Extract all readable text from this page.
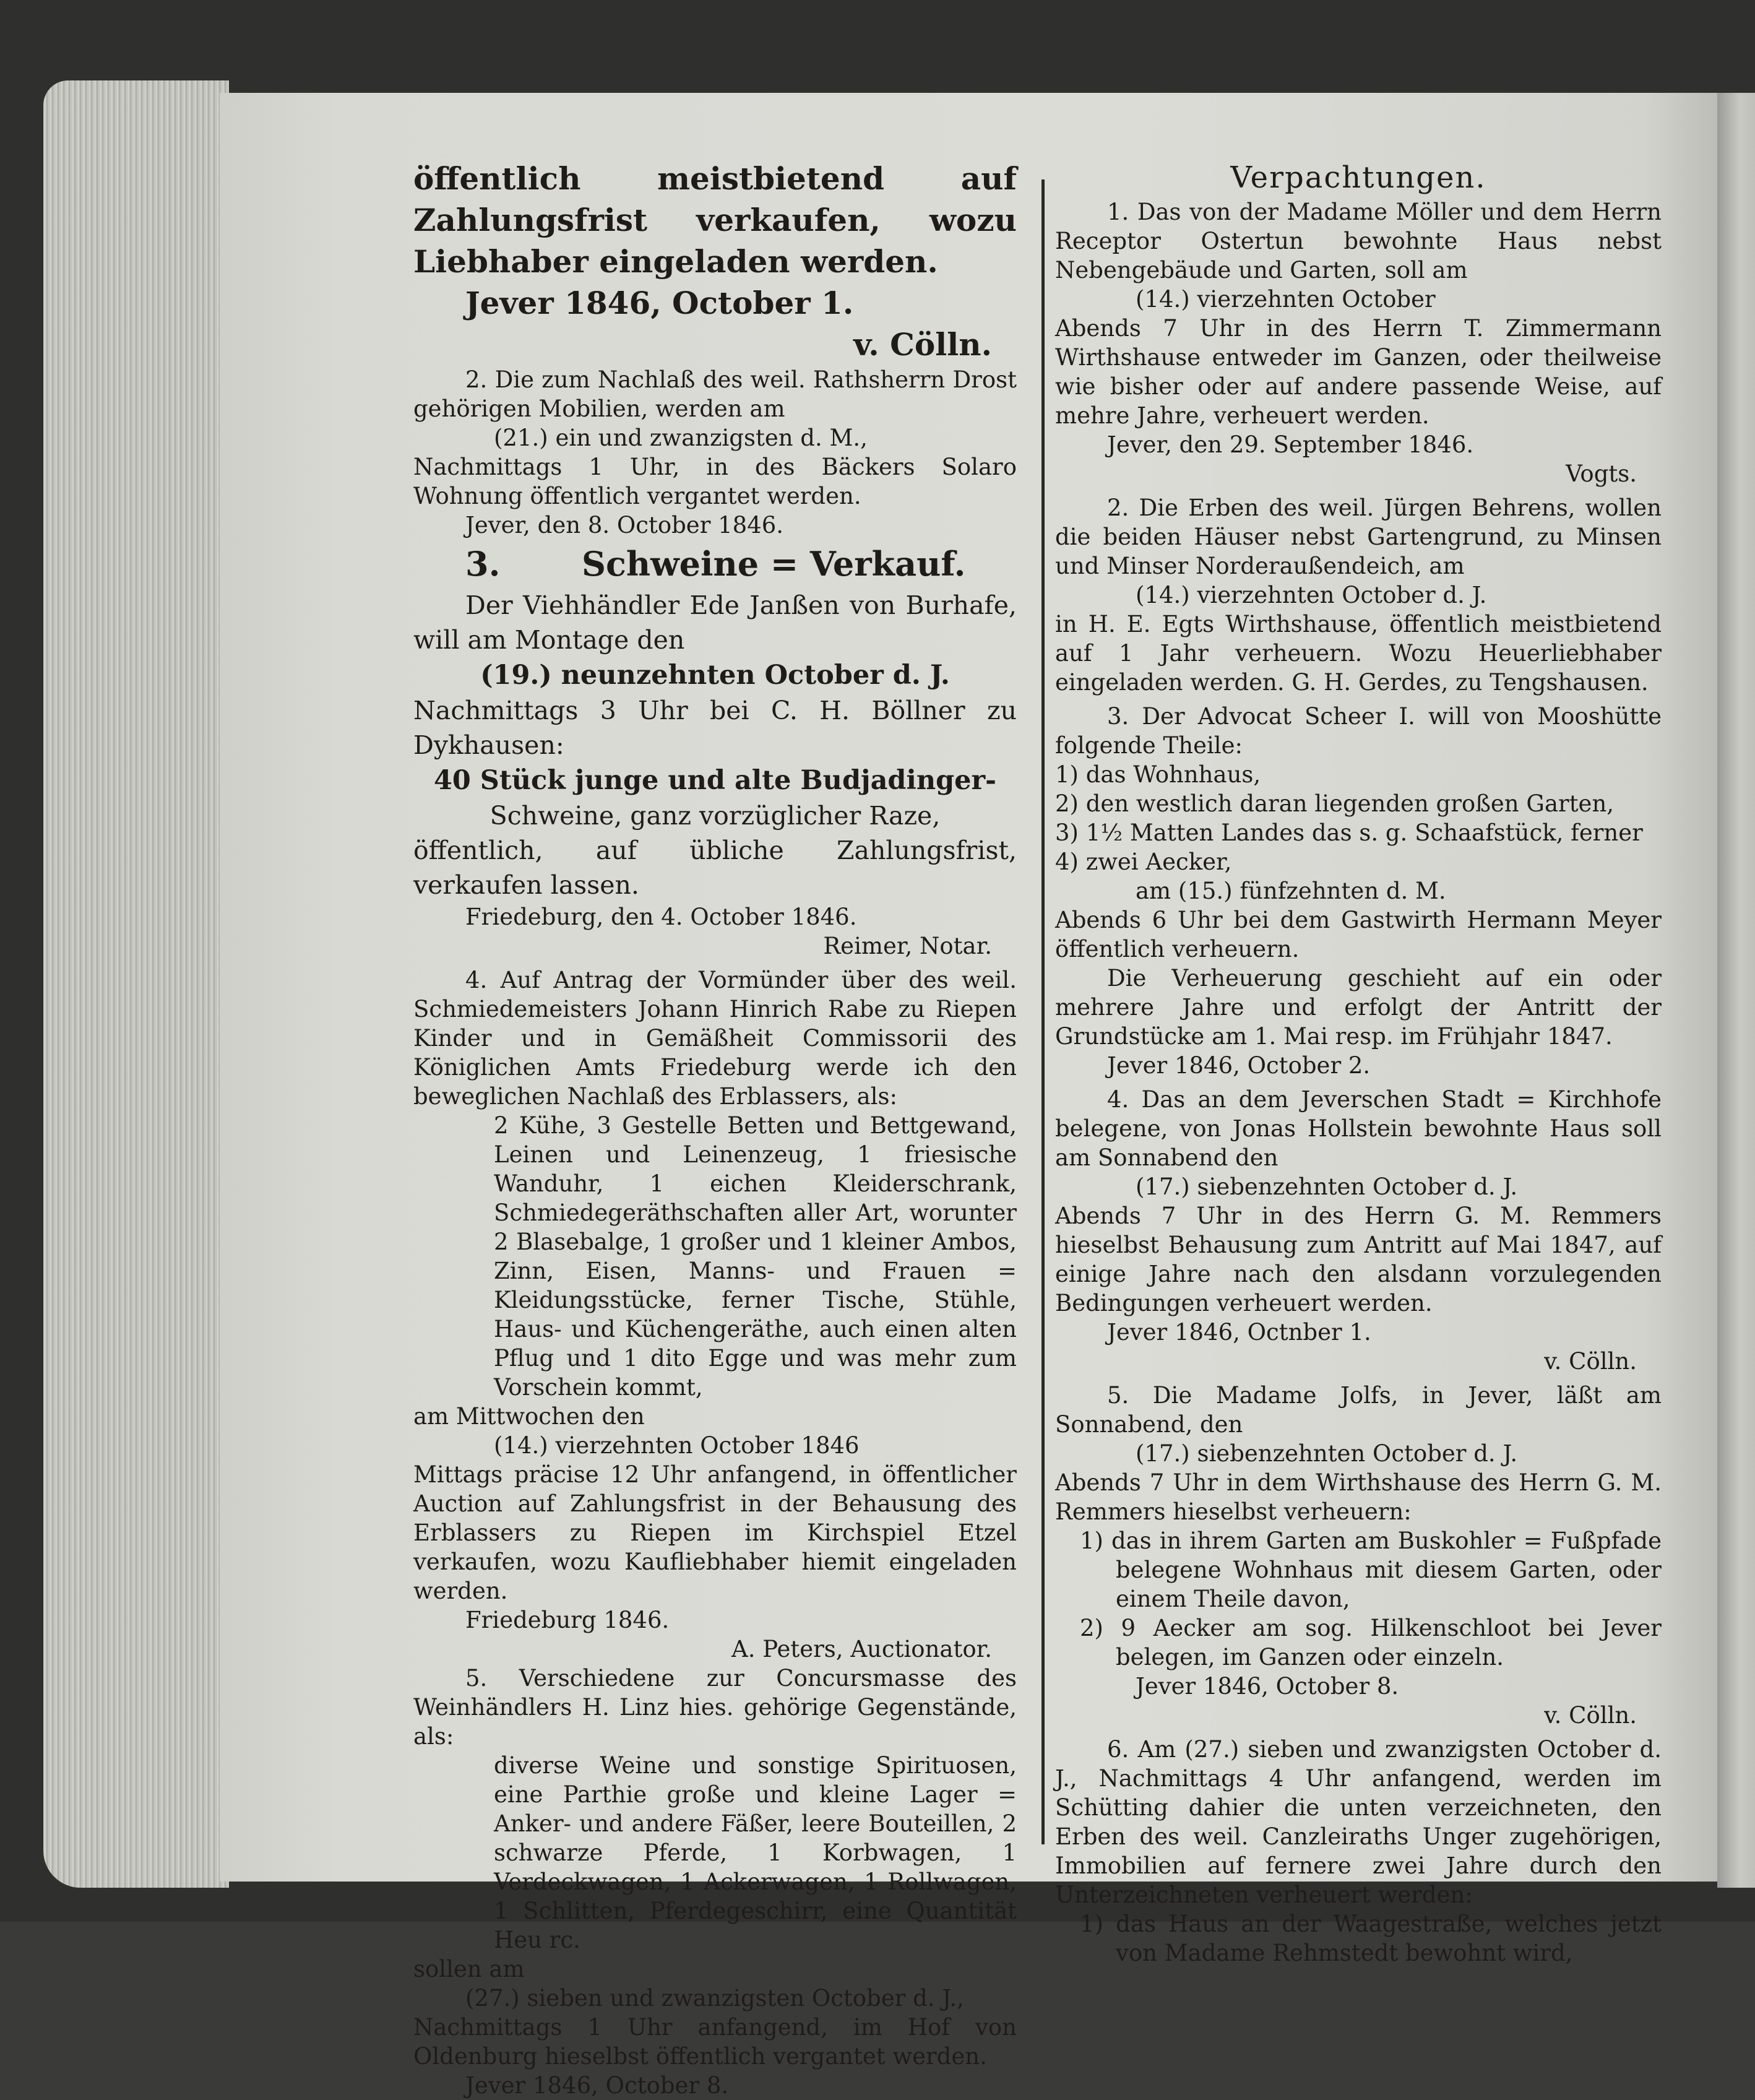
öffentlich meistbietend auf Zahlungsfrist verkaufen, wozu Liebhaber eingeladen werden.

Jever 1846, October 1.

v. Cölln.

2. Die zum Nachlaß des weil. Rathsherrn Drost gehörigen Mobilien, werden am

(21.) ein und zwanzigsten d. M.,

Nachmittags 1 Uhr, in des Bäckers Solaro Wohnung öffentlich vergantet werden.

Jever, den 8. October 1846.

3.       Schweine = Verkauf.

Der Viehhändler Ede Janßen von Burhafe, will am Montage den

(19.) neunzehnten October d. J.

Nachmittags 3 Uhr bei C. H. Böllner zu Dykhausen:

40 Stück junge und alte Budjadinger-

Schweine, ganz vorzüglicher Raze,

öffentlich, auf übliche Zahlungsfrist, verkaufen lassen.

Friedeburg, den 4. October 1846.

Reimer, Notar.

4. Auf Antrag der Vormünder über des weil. Schmiedemeisters Johann Hinrich Rabe zu Riepen Kinder und in Gemäßheit Commissorii des Königlichen Amts Friedeburg werde ich den beweglichen Nachlaß des Erblassers, als:

2 Kühe, 3 Gestelle Betten und Bettgewand, Leinen und Leinenzeug, 1 friesische Wanduhr, 1 eichen Kleiderschrank, Schmiedegeräthschaften aller Art, worunter 2 Blasebalge, 1 großer und 1 kleiner Ambos, Zinn, Eisen, Manns- und Frauen = Kleidungsstücke, ferner Tische, Stühle, Haus- und Küchengeräthe, auch einen alten Pflug und 1 dito Egge und was mehr zum Vorschein kommt,

am Mittwochen den

(14.) vierzehnten October 1846

Mittags präcise 12 Uhr anfangend, in öffentlicher Auction auf Zahlungsfrist in der Behausung des Erblassers zu Riepen im Kirchspiel Etzel verkaufen, wozu Kaufliebhaber hiemit eingeladen werden.

Friedeburg 1846.

A. Peters, Auctionator.

5. Verschiedene zur Concursmasse des Weinhändlers H. Linz hies. gehörige Gegenstände, als:

diverse Weine und sonstige Spirituosen, eine Parthie große und kleine Lager = Anker- und andere Fäßer, leere Bouteillen, 2 schwarze Pferde, 1 Korbwagen, 1 Verdeckwagen, 1 Ackerwagen, 1 Rollwagen, 1 Schlitten, Pferdegeschirr, eine Quantität Heu rc.

sollen am

(27.) sieben und zwanzigsten October d. J.,

Nachmittags 1 Uhr anfangend, im Hof von Oldenburg hieselbst öffentlich vergantet werden.

Jever 1846, October 8.

Verpachtungen.

1. Das von der Madame Möller und dem Herrn Receptor Ostertun bewohnte Haus nebst Nebengebäude und Garten, soll am

(14.) vierzehnten October

Abends 7 Uhr in des Herrn T. Zimmermann Wirthshause entweder im Ganzen, oder theilweise wie bisher oder auf andere passende Weise, auf mehre Jahre, verheuert werden.

Jever, den 29. September 1846.

Vogts.

2. Die Erben des weil. Jürgen Behrens, wollen die beiden Häuser nebst Gartengrund, zu Minsen und Minser Norderaußendeich, am

(14.) vierzehnten October d. J.

in H. E. Egts Wirthshause, öffentlich meistbietend auf 1 Jahr verheuern. Wozu Heuerliebhaber eingeladen werden. G. H. Gerdes, zu Tengshausen.

3. Der Advocat Scheer I. will von Mooshütte folgende Theile:

1) das Wohnhaus,

2) den westlich daran liegenden großen Garten,

3) 1½ Matten Landes das s. g. Schaafstück, ferner

4) zwei Aecker,

am (15.) fünfzehnten d. M.

Abends 6 Uhr bei dem Gastwirth Hermann Meyer öffentlich verheuern.

Die Verheuerung geschieht auf ein oder mehrere Jahre und erfolgt der Antritt der Grundstücke am 1. Mai resp. im Frühjahr 1847.

Jever 1846, October 2.

4. Das an dem Jeverschen Stadt = Kirchhofe belegene, von Jonas Hollstein bewohnte Haus soll am Sonnabend den

(17.) siebenzehnten October d. J.

Abends 7 Uhr in des Herrn G. M. Remmers hieselbst Behausung zum Antritt auf Mai 1847, auf einige Jahre nach den alsdann vorzulegenden Bedingungen verheuert werden.

Jever 1846, Octnber 1.

v. Cölln.

5. Die Madame Jolfs, in Jever, läßt am Sonnabend, den

(17.) siebenzehnten October d. J.

Abends 7 Uhr in dem Wirthshause des Herrn G. M. Remmers hieselbst verheuern:

1) das in ihrem Garten am Buskohler = Fußpfade belegene Wohnhaus mit diesem Garten, oder einem Theile davon,

2) 9 Aecker am sog. Hilkenschloot bei Jever belegen, im Ganzen oder einzeln.

Jever 1846, October 8.

v. Cölln.

6. Am (27.) sieben und zwanzigsten October d. J., Nachmittags 4 Uhr anfangend, werden im Schütting dahier die unten verzeichneten, den Erben des weil. Canzleiraths Unger zugehörigen, Immobilien auf fernere zwei Jahre durch den Unterzeichneten verheuert werden:

1) das Haus an der Waagestraße, welches jetzt von Madame Rehmstedt bewohnt wird,
